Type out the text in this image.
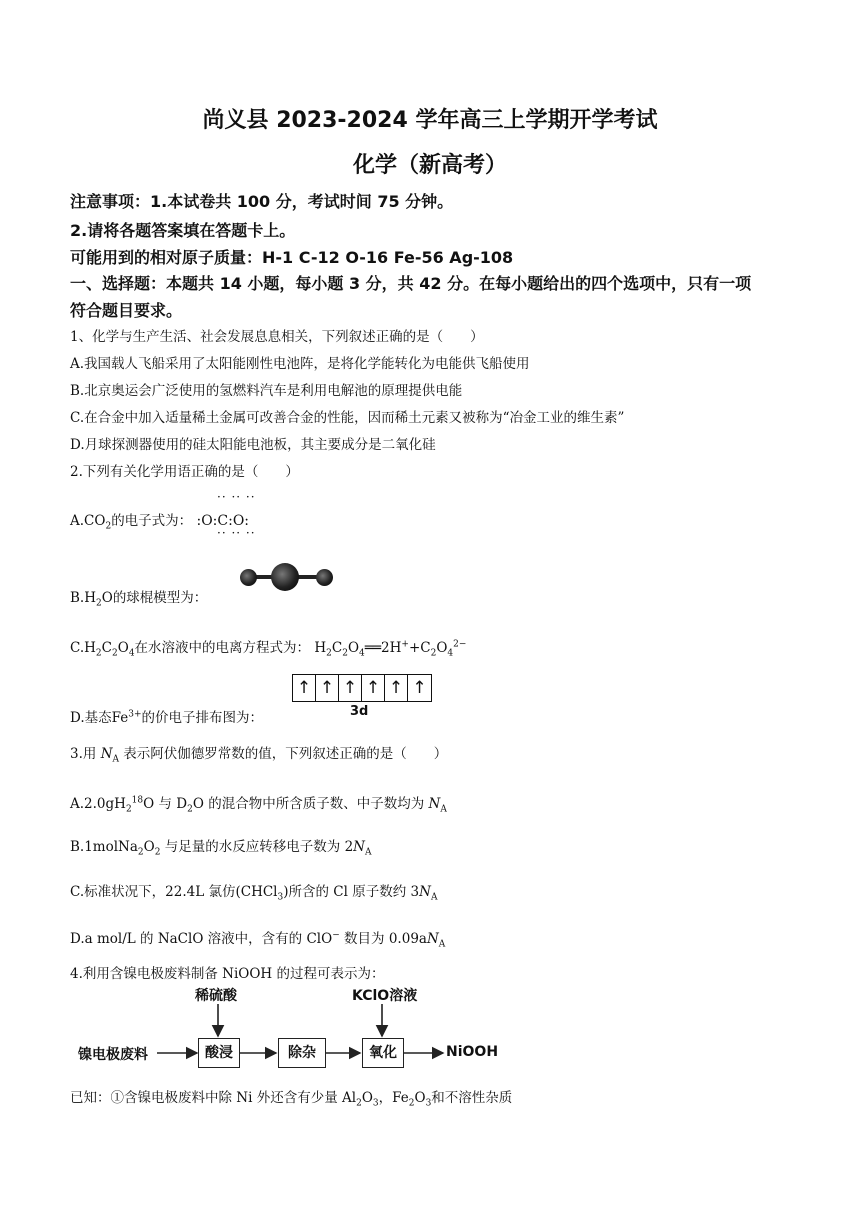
尚义县 2023-2024 学年高三上学期开学考试
化学（新高考）
注意事项：1.本试卷共 100 分，考试时间 75 分钟。
2.请将各题答案填在答题卡上。
可能用到的相对原子质量：H-1 C-12 O-16 Fe-56 Ag-108
一、选择题：本题共 14 小题，每小题 3 分，共 42 分。在每小题给出的四个选项中，只有一项
符合题目要求。
1、化学与生产生活、社会发展息息相关，下列叙述正确的是（　　）
A.我国载人飞船采用了太阳能刚性电池阵，是将化学能转化为电能供飞船使用
B.北京奥运会广泛使用的氢燃料汽车是利用电解池的原理提供电能
C.在合金中加入适量稀土金属可改善合金的性能，因而稀土元素又被称为“冶金工业的维生素”
D.月球探测器使用的硅太阳能电池板，其主要成分是二氧化硅
2.下列有关化学用语正确的是（　　）
·· ·· ··
$A.CO_2$的电子式为： :O:C:O:
·· ·· ··
$B.H_2O$的球棍模型为：
$C.H_2C_2O_4$在水溶液中的电离方程式为： $H_2C_2O_4══2H^++C_2O_4^{2-}$
↑ ↑ ↑ ↑ ↑ ↑
3d
D.基态$Fe^{3+}$的价电子排布图为：
3.用 $N_A$ 表示阿伏伽德罗常数的值，下列叙述正确的是（　　）
$A.2.0gH_2^{18}O$ 与 $D_2O$ 的混合物中所含质子数、中子数均为 $N_A$
$B.1molNa_2O_2$ 与足量的水反应转移电子数为 $2N_A$
C.标准状况下，22.4L 氯仿(CHCl$_3$)所含的 Cl 原子数约 $3N_A$
D.a mol/L 的 NaClO 溶液中，含有的 ClO− 数目为 $0.09aN_A$
4.利用含镍电极废料制备 NiOOH 的过程可表示为：
稀硫酸	KClO溶液
镍电极废料	酸浸	除杂	氧化	NiOOH
已知：①含镍电极废料中除 Ni 外还含有少量 $Al_2O_3$，$Fe_2O_3$和不溶性杂质
